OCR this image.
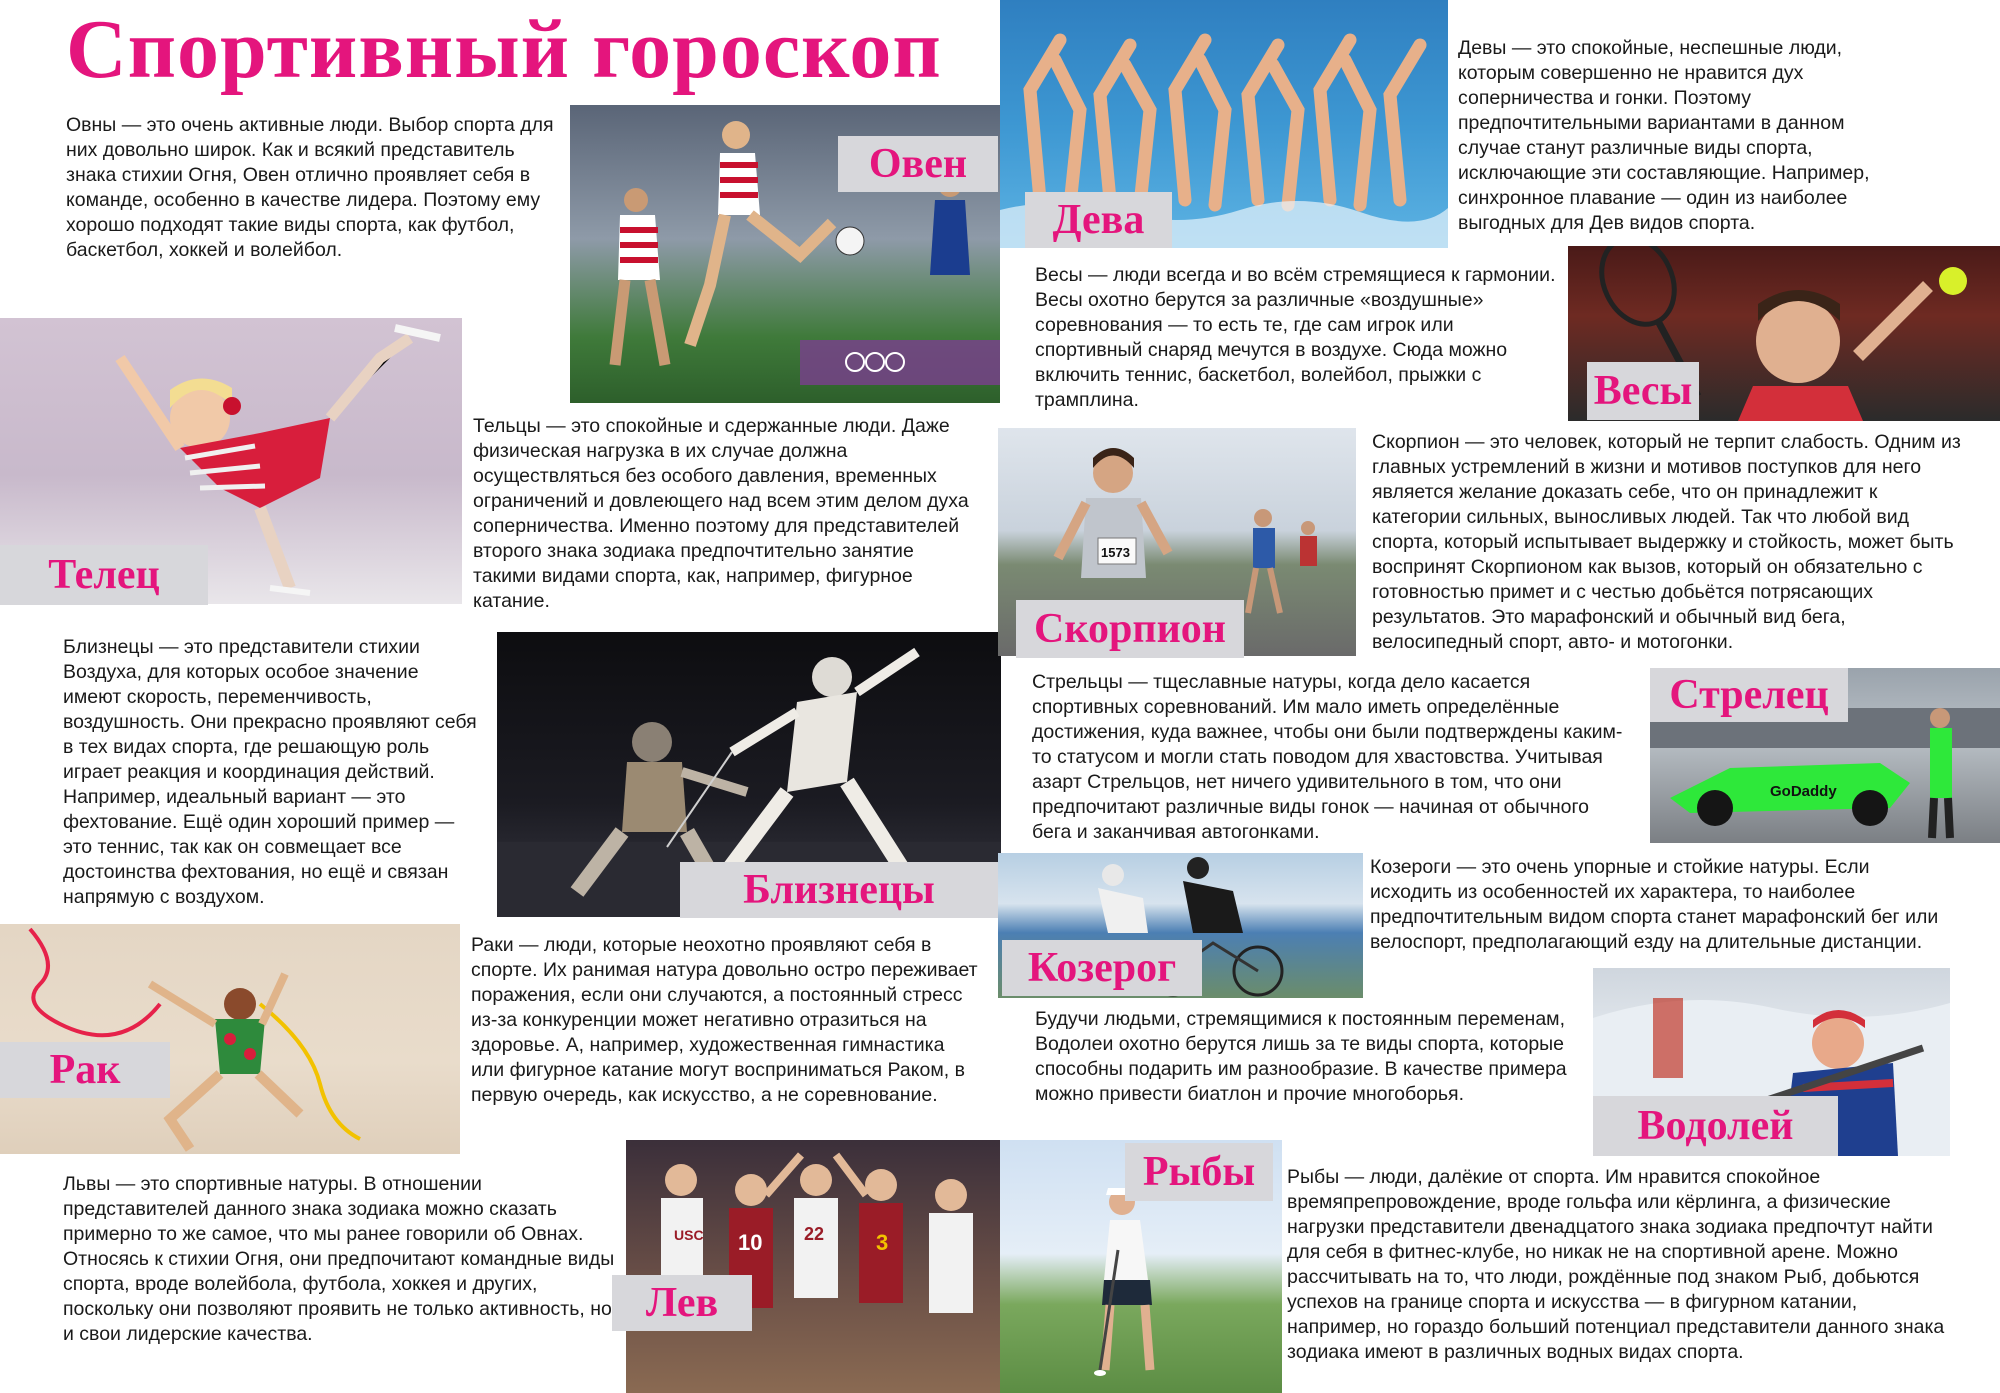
Спортивный гороскоп

Овны — это очень активные люди. Выбор спорта для них довольно широк. Как и всякий представитель знака стихии Огня, Овен отлично проявляет себя в команде, особенно в качестве лидера. Поэтому ему хорошо подходят такие виды спорта, как футбол, баскетбол, хоккей и волейбол.

Тельцы — это спокойные и сдержанные люди. Даже физическая нагрузка в их случае должна осуществляться без особого давления, временных ограничений и довлеющего над всем этим делом духа соперничества. Именно поэтому для представителей второго знака зодиака предпочтительно занятие такими видами спорта, как, например, фигурное катание.

Близнецы — это представители стихии Воздуха, для которых особое значение имеют скорость, переменчивость, воздушность. Они прекрасно проявляют себя в тех видах спорта, где решающую роль играет реакция и координация действий. Например, идеальный вариант — это фехтование. Ещё один хороший пример — это теннис, так как он совмещает все достоинства фехтования, но ещё и связан напрямую с воздухом.

Раки — люди, которые неохотно проявляют себя в спорте. Их ранимая натура довольно остро переживает поражения, если они случаются, а постоянный стресс из-за конкуренции может негативно отразиться на здоровье. А, например, художественная гимнастика или фигурное катание могут восприниматься Раком, в первую очередь, как искусство, а не соревнование.

Львы — это спортивные натуры. В отношении представителей данного знака зодиака можно сказать примерно то же самое, что мы ранее говорили об Овнах. Относясь к стихии Огня, они предпочитают командные виды спорта, вроде волейбола, футбола, хоккея и других, поскольку они позволяют проявить не только активность, но и свои лидерские качества.

Девы — это спокойные, неспешные люди, которым совершенно не нравится дух соперничества и гонки. Поэтому предпочтительными вариантами в данном случае станут различные виды спорта, исключающие эти составляющие. Например, синхронное плавание — один из наиболее выгодных для Дев видов спорта.

Весы — люди всегда и во всём стремящиеся к гармонии. Весы охотно берутся за различные «воздушные» соревнования — то есть те, где сам игрок или спортивный снаряд мечутся в воздухе. Сюда можно включить теннис, баскетбол, волейбол, прыжки с трамплина.

Скорпион — это человек, который не терпит слабость. Одним из главных устремлений в жизни и мотивов поступков для него является желание доказать себе, что он принадлежит к категории сильных, выносливых людей. Так что любой вид спорта, который испытывает выдержку и стойкость, может быть воспринят Скорпионом как вызов, который он обязательно с готовностью примет и с честью добьётся потрясающих результатов. Это марафонский и обычный вид бега, велосипедный спорт, авто- и мотогонки.

Стрельцы — тщеславные натуры, когда дело касается спортивных соревнований. Им мало иметь определённые достижения, куда важнее, чтобы они были подтверждены каким-то статусом и могли стать поводом для хвастовства. Учитывая азарт Стрельцов, нет ничего удивительного в том, что они предпочитают различные виды гонок — начиная от обычного бега и заканчивая автогонками.

Козероги — это очень упорные и стойкие натуры. Если исходить из особенностей их характера, то наиболее предпочтительным видом спорта станет марафонский бег или велоспорт, предполагающий езду на длительные дистанции.

Будучи людьми, стремящимися к постоянным переменам, Водолеи охотно берутся лишь за те виды спорта, которые способны подарить им разнообразие. В качестве примера можно привести биатлон и прочие многоборья.

Рыбы — люди, далёкие от спорта. Им нравится спокойное времяпрепровождение, вроде гольфа или кёрлинга, а физические нагрузки представители двенадцатого знака зодиака предпочтут найти для себя в фитнес-клубе, но никак не на спортивной арене. Можно рассчитывать на то, что люди, рождённые под знаком Рыб, добьются успехов на границе спорта и искусства — в фигурном катании, например, но гораздо больший потенциал представители данного знака зодиака имеют в различных водных видах спорта.

Овен
Телец
Близнецы
Рак
USC 10 22 3
Лев
Дева
Весы
1573
Скорпион
GoDaddy
Стрелец
Козерог
Водолей
Рыбы
